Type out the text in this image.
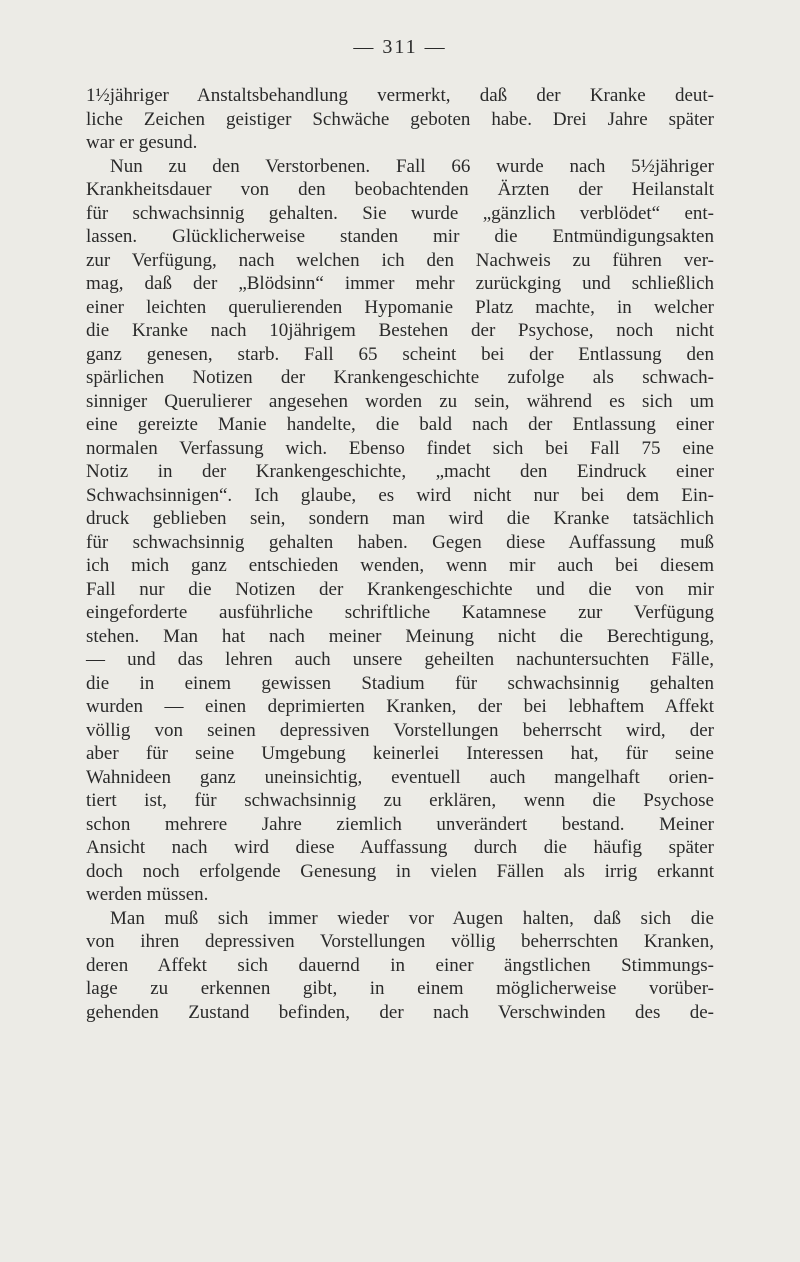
— 311 —
1½jähriger Anstaltsbehandlung vermerkt, daß der Kranke deut-
liche Zeichen geistiger Schwäche geboten habe. Drei Jahre später
war er gesund.
Nun zu den Verstorbenen. Fall 66 wurde nach 5½jähriger
Krankheitsdauer von den beobachtenden Ärzten der Heilanstalt
für schwachsinnig gehalten. Sie wurde „gänzlich verblödet“ ent-
lassen. Glücklicherweise standen mir die Entmündigungsakten
zur Verfügung, nach welchen ich den Nachweis zu führen ver-
mag, daß der „Blödsinn“ immer mehr zurückging und schließlich
einer leichten querulierenden Hypomanie Platz machte, in welcher
die Kranke nach 10jährigem Bestehen der Psychose, noch nicht
ganz genesen, starb. Fall 65 scheint bei der Entlassung den
spärlichen Notizen der Krankengeschichte zufolge als schwach-
sinniger Querulierer angesehen worden zu sein, während es sich um
eine gereizte Manie handelte, die bald nach der Entlassung einer
normalen Verfassung wich. Ebenso findet sich bei Fall 75 eine
Notiz in der Krankengeschichte, „macht den Eindruck einer
Schwachsinnigen“. Ich glaube, es wird nicht nur bei dem Ein-
druck geblieben sein, sondern man wird die Kranke tatsächlich
für schwachsinnig gehalten haben. Gegen diese Auffassung muß
ich mich ganz entschieden wenden, wenn mir auch bei diesem
Fall nur die Notizen der Krankengeschichte und die von mir
eingeforderte ausführliche schriftliche Katamnese zur Verfügung
stehen. Man hat nach meiner Meinung nicht die Berechtigung,
— und das lehren auch unsere geheilten nachuntersuchten Fälle,
die in einem gewissen Stadium für schwachsinnig gehalten
wurden — einen deprimierten Kranken, der bei lebhaftem Affekt
völlig von seinen depressiven Vorstellungen beherrscht wird, der
aber für seine Umgebung keinerlei Interessen hat, für seine
Wahnideen ganz uneinsichtig, eventuell auch mangelhaft orien-
tiert ist, für schwachsinnig zu erklären, wenn die Psychose
schon mehrere Jahre ziemlich unverändert bestand. Meiner
Ansicht nach wird diese Auffassung durch die häufig später
doch noch erfolgende Genesung in vielen Fällen als irrig erkannt
werden müssen.
Man muß sich immer wieder vor Augen halten, daß sich die
von ihren depressiven Vorstellungen völlig beherrschten Kranken,
deren Affekt sich dauernd in einer ängstlichen Stimmungs-
lage zu erkennen gibt, in einem möglicherweise vorüber-
gehenden Zustand befinden, der nach Verschwinden des de-
